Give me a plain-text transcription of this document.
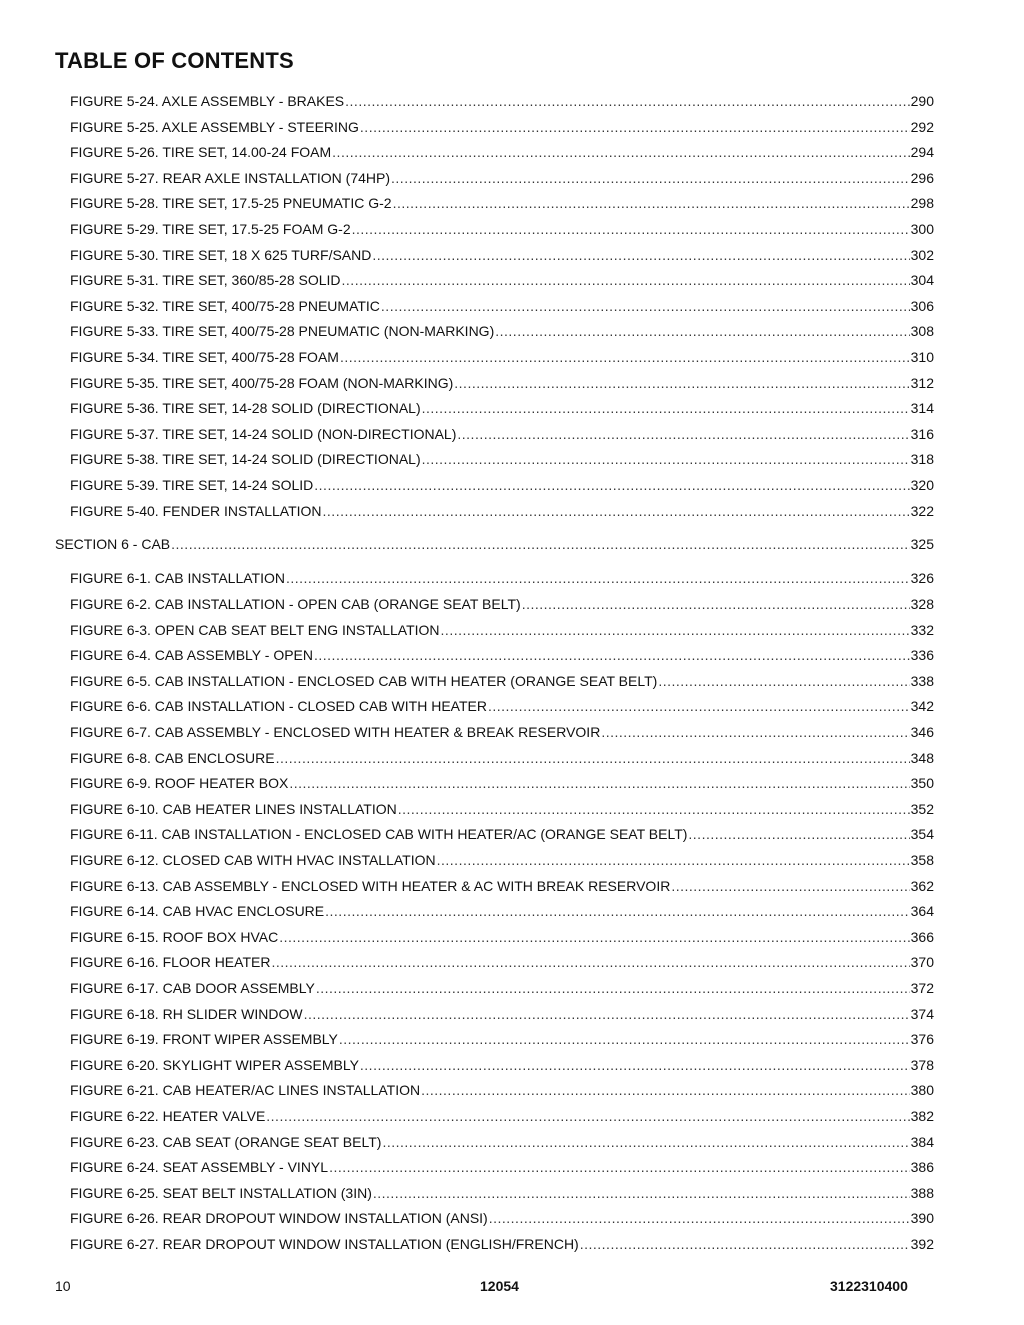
TABLE OF CONTENTS
FIGURE 5-24. AXLE ASSEMBLY - BRAKES .....	290
FIGURE 5-25. AXLE ASSEMBLY - STEERING .....	292
FIGURE 5-26. TIRE SET, 14.00-24 FOAM .....	294
FIGURE 5-27. REAR AXLE INSTALLATION (74HP) .....	296
FIGURE 5-28. TIRE SET, 17.5-25 PNEUMATIC G-2 .....	298
FIGURE 5-29. TIRE SET, 17.5-25 FOAM G-2 .....	300
FIGURE 5-30. TIRE SET, 18 X 625 TURF/SAND .....	302
FIGURE 5-31. TIRE SET, 360/85-28 SOLID .....	304
FIGURE 5-32. TIRE SET, 400/75-28 PNEUMATIC .....	306
FIGURE 5-33. TIRE SET, 400/75-28 PNEUMATIC (NON-MARKING) .....	308
FIGURE 5-34. TIRE SET, 400/75-28 FOAM .....	310
FIGURE 5-35. TIRE SET, 400/75-28 FOAM (NON-MARKING) .....	312
FIGURE 5-36. TIRE SET, 14-28 SOLID (DIRECTIONAL) .....	314
FIGURE 5-37. TIRE SET, 14-24 SOLID (NON-DIRECTIONAL) .....	316
FIGURE 5-38. TIRE SET, 14-24 SOLID (DIRECTIONAL) .....	318
FIGURE 5-39. TIRE SET, 14-24 SOLID .....	320
FIGURE 5-40. FENDER INSTALLATION .....	322
SECTION 6 - CAB .....	325
FIGURE 6-1. CAB INSTALLATION .....	326
FIGURE 6-2. CAB INSTALLATION - OPEN CAB (ORANGE SEAT BELT) .....	328
FIGURE 6-3. OPEN CAB SEAT BELT ENG INSTALLATION .....	332
FIGURE 6-4. CAB ASSEMBLY - OPEN .....	336
FIGURE 6-5. CAB INSTALLATION - ENCLOSED CAB WITH HEATER (ORANGE SEAT BELT) .....	338
FIGURE 6-6. CAB INSTALLATION - CLOSED CAB WITH HEATER .....	342
FIGURE 6-7. CAB ASSEMBLY - ENCLOSED WITH HEATER & BREAK RESERVOIR .....	346
FIGURE 6-8. CAB ENCLOSURE .....	348
FIGURE 6-9. ROOF HEATER BOX .....	350
FIGURE 6-10. CAB HEATER LINES INSTALLATION .....	352
FIGURE 6-11. CAB INSTALLATION - ENCLOSED CAB WITH HEATER/AC (ORANGE SEAT BELT) .....	354
FIGURE 6-12. CLOSED CAB WITH HVAC INSTALLATION .....	358
FIGURE 6-13. CAB ASSEMBLY - ENCLOSED WITH HEATER & AC WITH BREAK RESERVOIR .....	362
FIGURE 6-14. CAB HVAC ENCLOSURE .....	364
FIGURE 6-15. ROOF BOX HVAC .....	366
FIGURE 6-16. FLOOR HEATER .....	370
FIGURE 6-17. CAB DOOR ASSEMBLY .....	372
FIGURE 6-18. RH SLIDER WINDOW .....	374
FIGURE 6-19. FRONT WIPER ASSEMBLY .....	376
FIGURE 6-20. SKYLIGHT WIPER ASSEMBLY .....	378
FIGURE 6-21. CAB HEATER/AC LINES INSTALLATION .....	380
FIGURE 6-22. HEATER VALVE .....	382
FIGURE 6-23. CAB SEAT (ORANGE SEAT BELT) .....	384
FIGURE 6-24. SEAT ASSEMBLY - VINYL .....	386
FIGURE 6-25. SEAT BELT INSTALLATION (3IN) .....	388
FIGURE 6-26. REAR DROPOUT WINDOW INSTALLATION (ANSI) .....	390
FIGURE 6-27. REAR DROPOUT WINDOW INSTALLATION (ENGLISH/FRENCH) .....	392
10	12054	3122310400
